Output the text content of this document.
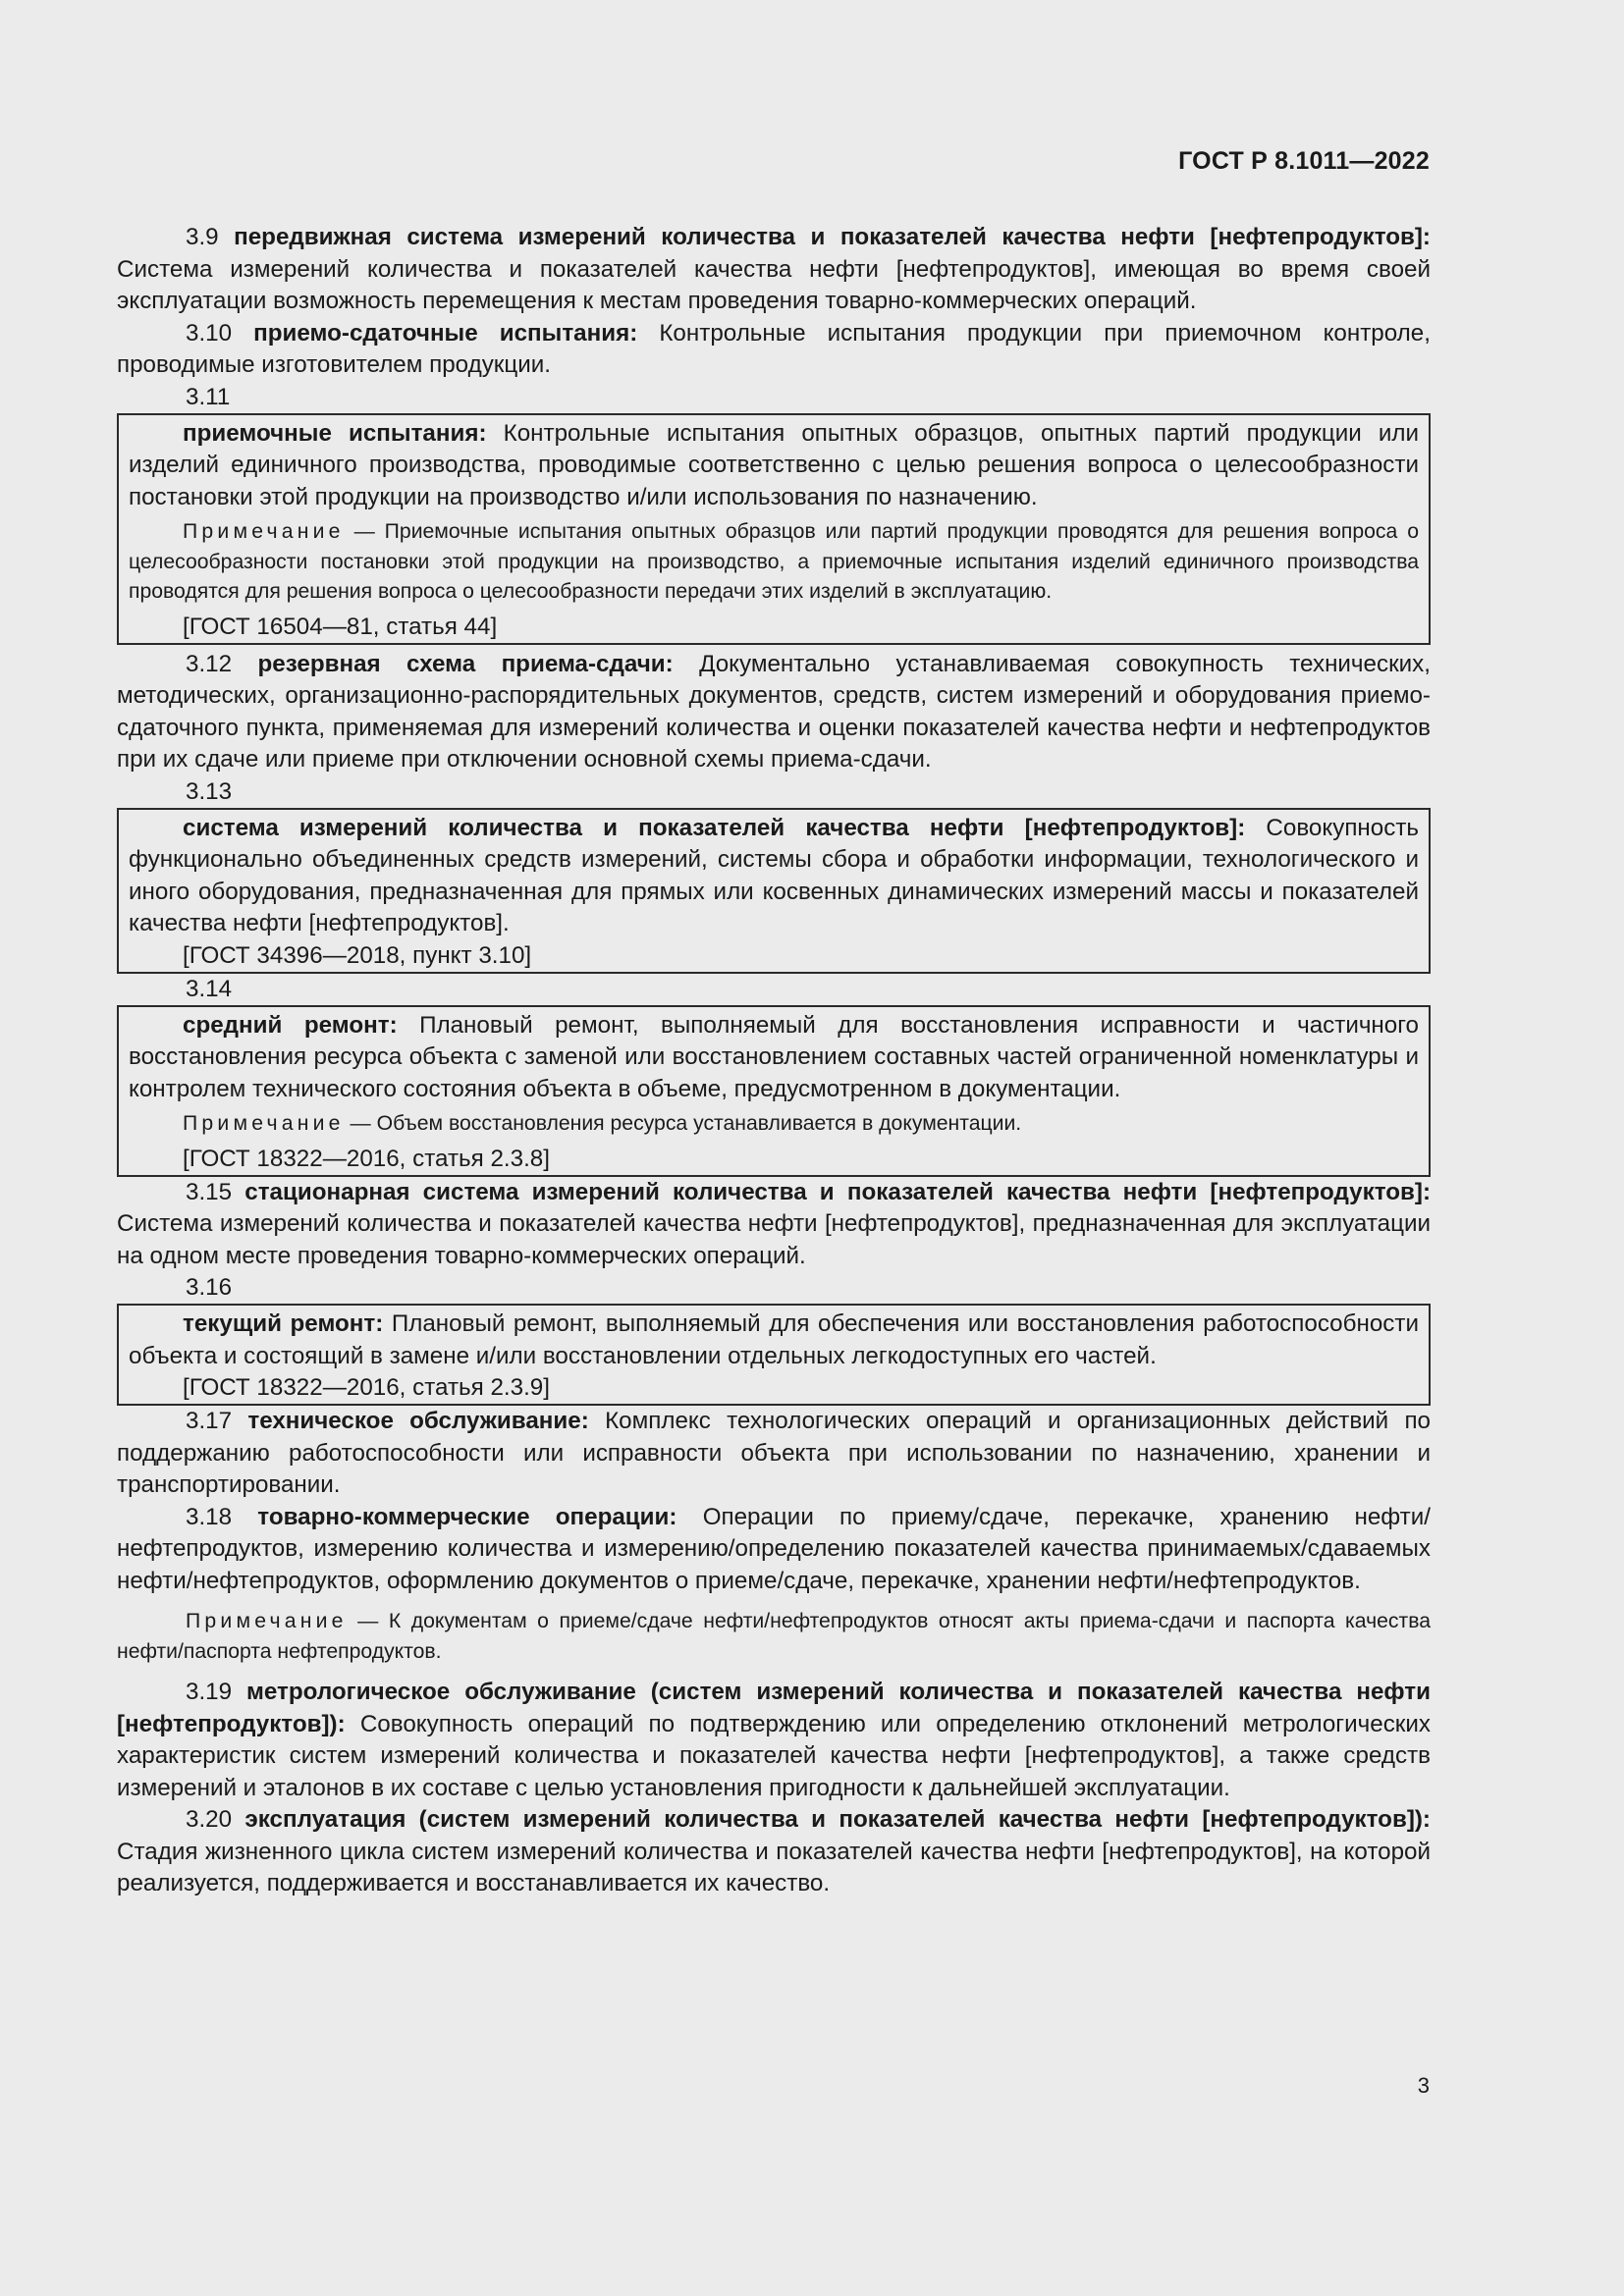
ГОСТ Р 8.1011—2022

3.9 передвижная система измерений количества и показателей качества нефти [нефтепродуктов]: Система измерений количества и показателей качества нефти [нефтепродуктов], имеющая во время своей эксплуатации возможность перемещения к местам проведения товарно-коммерческих операций.

3.10 приемо-сдаточные испытания: Контрольные испытания продукции при приемочном контроле, проводимые изготовителем продукции.

3.11

приемочные испытания: Контрольные испытания опытных образцов, опытных партий продукции или изделий единичного производства, проводимые соответственно с целью решения вопроса о целесообразности постановки этой продукции на производство и/или использования по назначению.

Примечание — Приемочные испытания опытных образцов или партий продукции проводятся для решения вопроса о целесообразности постановки этой продукции на производство, а приемочные испытания изделий единичного производства проводятся для решения вопроса о целесообразности передачи этих изделий в эксплуатацию.

[ГОСТ 16504—81, статья 44]

3.12 резервная схема приема-сдачи: Документально устанавливаемая совокупность технических, методических, организационно-распорядительных документов, средств, систем измерений и оборудования приемо-сдаточного пункта, применяемая для измерений количества и оценки показателей качества нефти и нефтепродуктов при их сдаче или приеме при отключении основной схемы приема-сдачи.

3.13

система измерений количества и показателей качества нефти [нефтепродуктов]: Совокупность функционально объединенных средств измерений, системы сбора и обработки информации, технологического и иного оборудования, предназначенная для прямых или косвенных динамических измерений массы и показателей качества нефти [нефтепродуктов].

[ГОСТ 34396—2018, пункт 3.10]
3.14

средний ремонт: Плановый ремонт, выполняемый для восстановления исправности и частичного восстановления ресурса объекта с заменой или восстановлением составных частей ограниченной номенклатуры и контролем технического состояния объекта в объеме, предусмотренном в документации.

Примечание — Объем восстановления ресурса устанавливается в документации.

[ГОСТ 18322—2016, статья 2.3.8]

3.15 стационарная система измерений количества и показателей качества нефти [нефтепродуктов]: Система измерений количества и показателей качества нефти [нефтепродуктов], предназначенная для эксплуатации на одном месте проведения товарно-коммерческих операций.

3.16

текущий ремонт: Плановый ремонт, выполняемый для обеспечения или восстановления работоспособности объекта и состоящий в замене и/или восстановлении отдельных легкодоступных его частей.

[ГОСТ 18322—2016, статья 2.3.9]

3.17 техническое обслуживание: Комплекс технологических операций и организационных действий по поддержанию работоспособности или исправности объекта при использовании по назначению, хранении и транспортировании.

3.18 товарно-коммерческие операции: Операции по приему/сдаче, перекачке, хранению нефти/нефтепродуктов, измерению количества и измерению/определению показателей качества принимаемых/сдаваемых нефти/нефтепродуктов, оформлению документов о приеме/сдаче, перекачке, хранении нефти/нефтепродуктов.

Примечание — К документам о приеме/сдаче нефти/нефтепродуктов относят акты приема-сдачи и паспорта качества нефти/паспорта нефтепродуктов.

3.19 метрологическое обслуживание (систем измерений количества и показателей качества нефти [нефтепродуктов]): Совокупность операций по подтверждению или определению отклонений метрологических характеристик систем измерений количества и показателей качества нефти [нефтепродуктов], а также средств измерений и эталонов в их составе с целью установления пригодности к дальнейшей эксплуатации.

3.20 эксплуатация (систем измерений количества и показателей качества нефти [нефтепродуктов]): Стадия жизненного цикла систем измерений количества и показателей качества нефти [нефтепродуктов], на которой реализуется, поддерживается и восстанавливается их качество.

3
